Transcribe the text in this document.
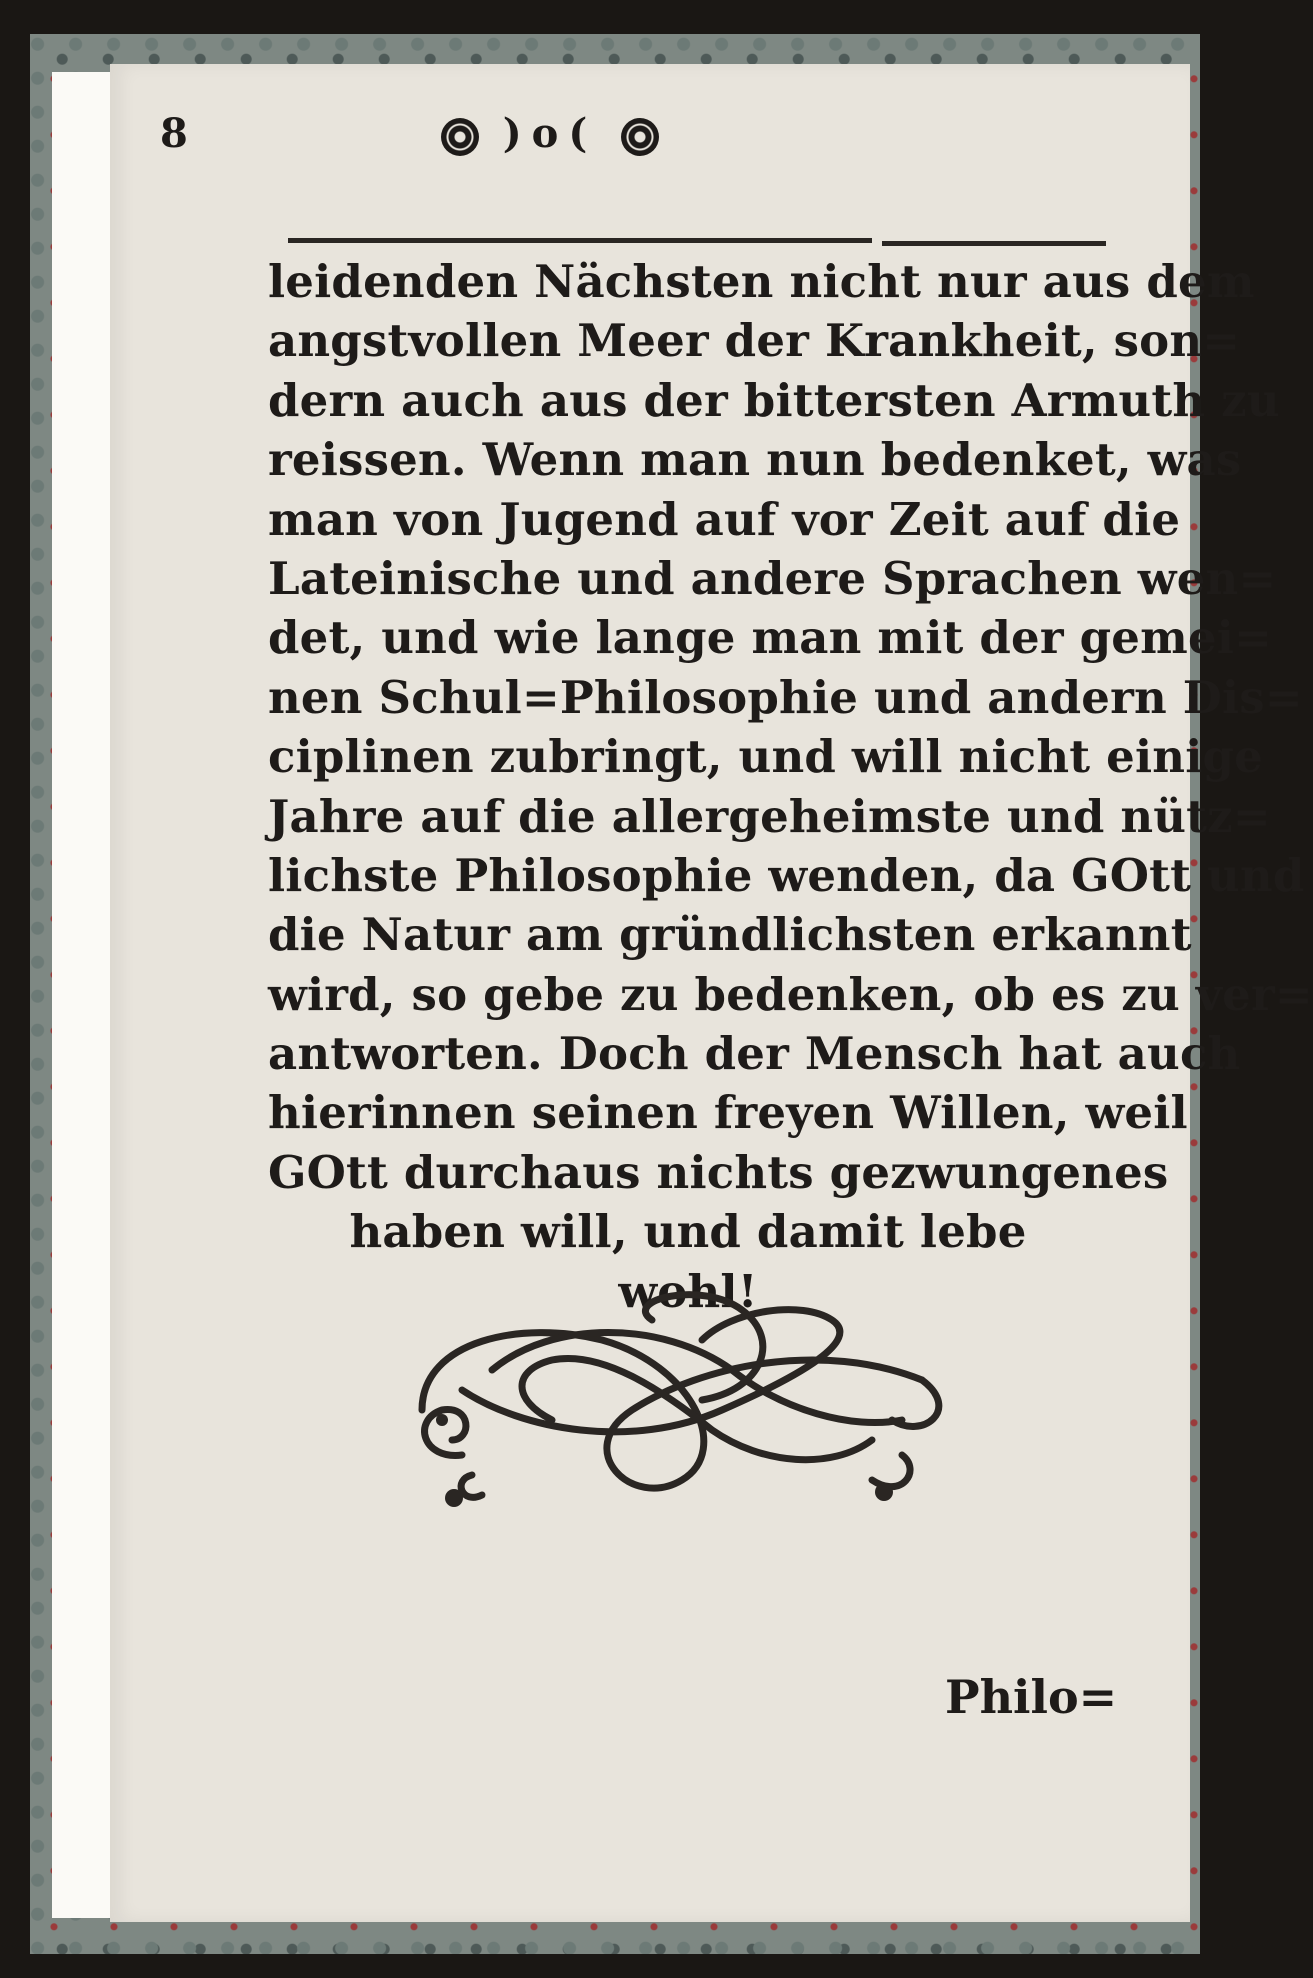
8	)o(
leidenden Nächsten nicht nur aus dem
angstvollen Meer der Krankheit, son=
dern auch aus der bittersten Armuth zu
reissen. Wenn man nun bedenket, was
man von Jugend auf vor Zeit auf die
Lateinische und andere Sprachen wen=
det, und wie lange man mit der gemei=
nen Schul=Philosophie und andern Dis=
ciplinen zubringt, und will nicht einige
Jahre auf die allergeheimste und nütz=
lichste Philosophie wenden, da GOtt und
die Natur am gründlichsten erkannt
wird, so gebe zu bedenken, ob es zu ver=
antworten. Doch der Mensch hat auch
hierinnen seinen freyen Willen, weil
GOtt durchaus nichts gezwungenes
haben will, und damit lebe
wohl!
Philo=
